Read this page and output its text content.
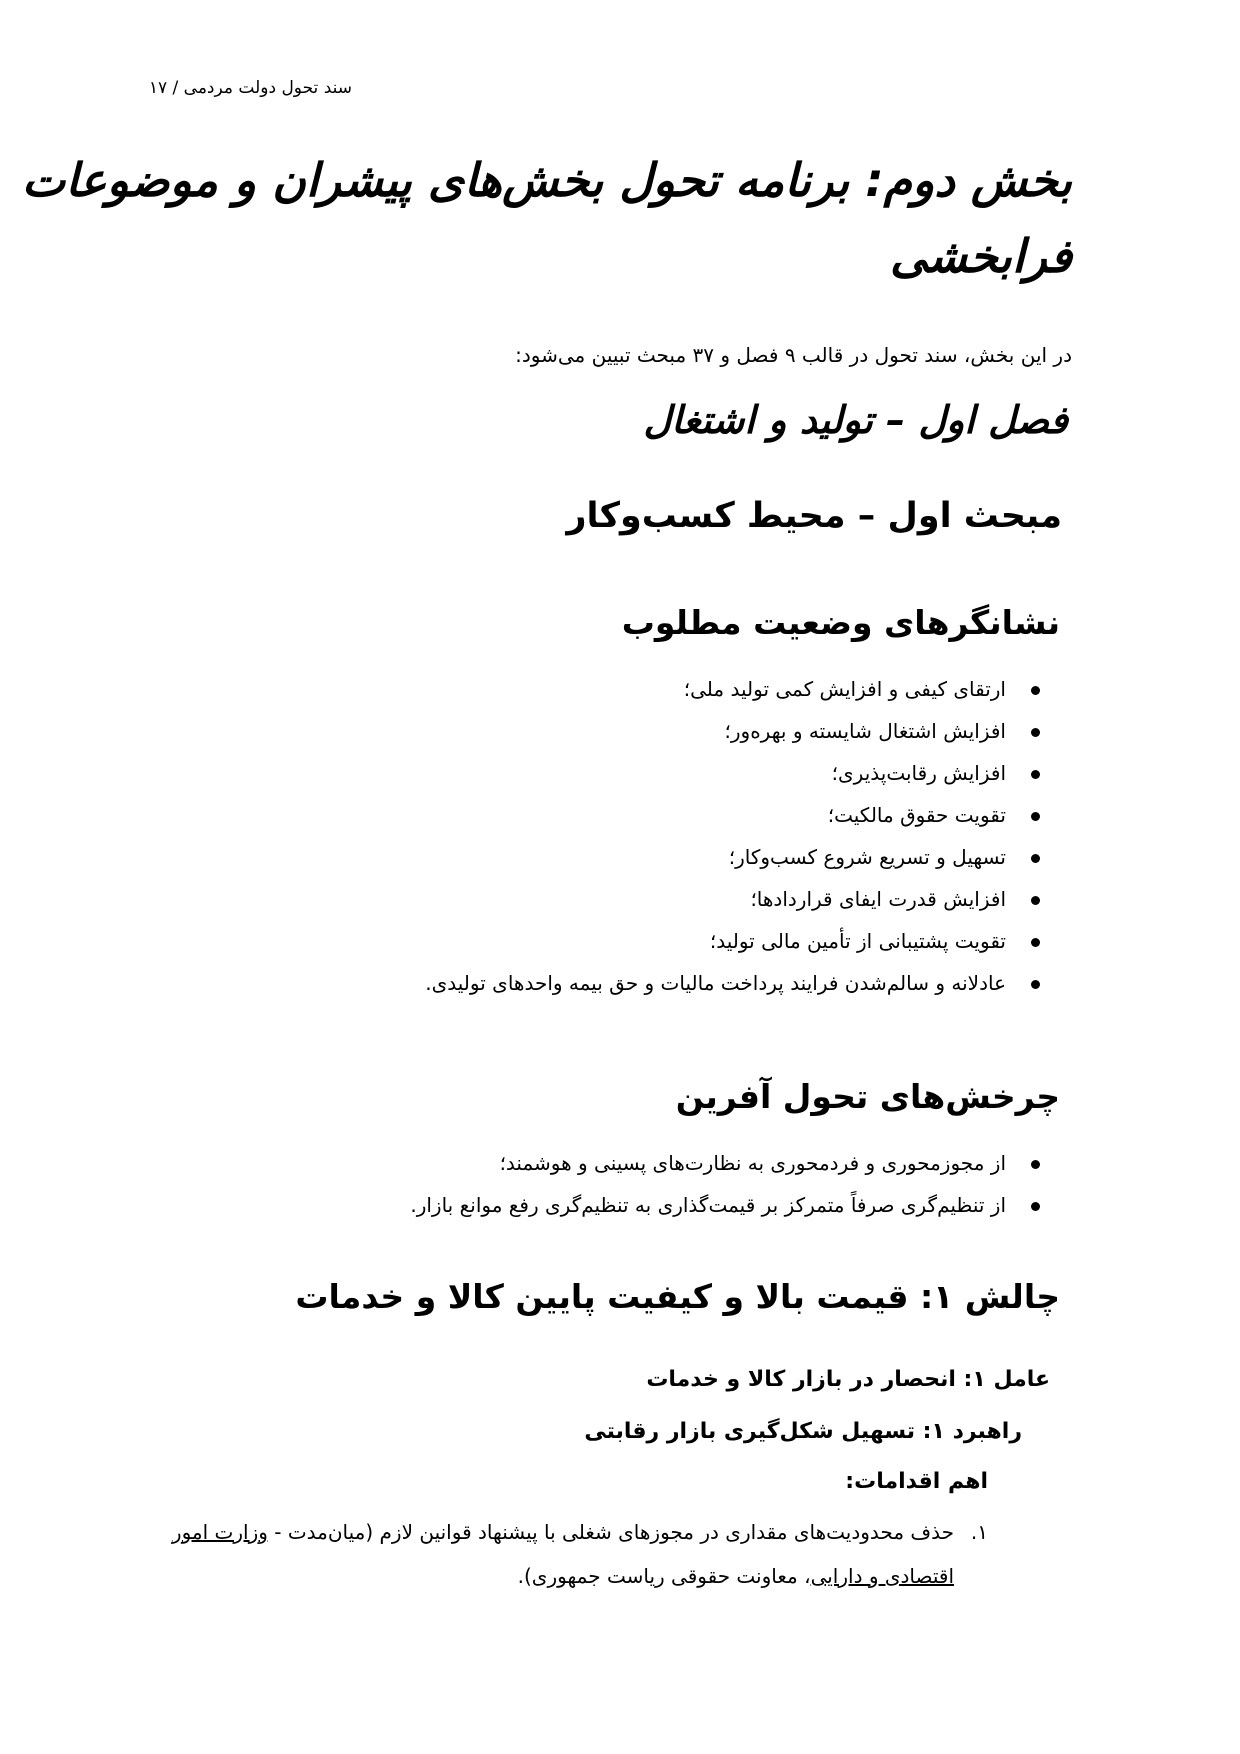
سند تحول دولت مردمی / ۱۷
بخش دوم: برنامه تحول بخش‌های پیشران و موضوعات
فرابخشی
در این بخش، سند تحول در قالب ۹ فصل و ۳۷ مبحث تبیین می‌شود:
فصل اول – تولید و اشتغال
مبحث اول – محیط کسب‌وکار
نشانگرهای وضعیت مطلوب
ارتقای کیفی و افزایش کمی تولید ملی؛
افزایش اشتغال شایسته و بهره‌ور؛
افزایش رقابت‌پذیری؛
تقویت حقوق مالکیت؛
تسهیل و تسریع شروع کسب‌وکار؛
افزایش قدرت ایفای قراردادها؛
تقویت پشتیبانی از تأمین مالی تولید؛
عادلانه و سالم‌شدن فرایند پرداخت مالیات و حق بیمه واحدهای تولیدی.
چرخش‌های تحول آفرین
از مجوزمحوری و فردمحوری به نظارت‌های پسینی و هوشمند؛
از تنظیم‌گری صرفاً متمرکز بر قیمت‌گذاری به تنظیم‌گری رفع موانع بازار.
چالش ۱: قیمت بالا و کیفیت پایین کالا و خدمات
عامل ۱: انحصار در بازار کالا و خدمات
راهبرد ۱: تسهیل شکل‌گیری بازار رقابتی
اهم اقدامات:
۱.
حذف محدودیت‌های مقداری در مجوزهای شغلی با پیشنهاد قوانین لازم (میان‌مدت - وزارت امور اقتصادی و دارایی، معاونت حقوقی ریاست جمهوری).
